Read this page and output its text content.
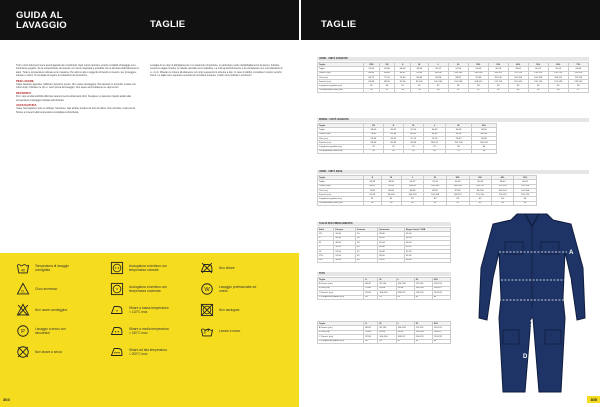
GUIDA AL
LAVAGGIO	TAGLIE

Tutti i nostri indumenti sono accompagnati da un'etichetta. Ogni marca riporta le proprie modalità di lavaggio ed è importante seguirle. Se la composizione del tessuto non viene rispettata è possibile che la struttura dell'indumento si alteri. Tutte le temperature indicate sono massime. Per alcuni capi è suggerito di lavarli a rovescio, per proteggere stampe e ricami. Si consiglia di seguire le indicazioni del produttore.

PER LAVARE

Usare lavatrice apposita. Utilizzare detersivo neutro. Non usare candeggina. Non lasciare in ammollo. Lavare con colori simili. Chiudere le zip e i velcri prima del lavaggio. Non usare ammorbidente su capi tecnici.

DETERSIVI

Per i capi ad alta visibilità utilizzare detersivi senza sbiancanti ottici. Scegliere un detersivo liquido adatto alla temperatura di lavaggio indicata sull'etichetta.

ASCIUGATURA

Usare l'asciugatrice solo se indicato. Stendere i capi all'aria, lontano da fonti di calore. Non strizzare i capi tecnici. Stirare a rovescio alla temperatura consigliata sull'etichetta.

La taglia di un capo di abbigliamento è un parametro importante, in particolare modo nell'abbigliamento da lavoro. Indicare sempre la taglia corretta. Le tabelle riportate sono indicative. La misura dell'indumento è da considerare con una tolleranza di +/- 2 cm. Rilevare le misure direttamente sul corpo seguendo lo schema a lato. In caso di dubbio consultare il nostro servizio clienti. Le taglie sono espresse secondo la normativa europea. I valori sono indicati in centimetri.

40
Temperatura di lavaggio consigliata
CL
Cloro ammesso
Non usare candeggina
P
Lavaggio a secco con idrocarburi
Non lavare a secco
Asciugatura a tamburo con temperatura normale
Asciugatura a tamburo con temperatura moderata
Stirare a bassa temperatura < 110°C max
Stirare a media temperatura < 150°C max
Stirare ad alta temperatura < 200°C max
Non stirare
W
Lavaggio professionale ad umido
Non asciugare
Lavare a mano
304
TAGLIE
UOMO - UNITÀ AVANZATE
Taglia	XXS	XS	S	M	L	XL	XXL	3XL	4XL	5XL	6XL	7XL
Taglia	42-44	44-46	46-48	48-50	50-52	52-54	54-56	56-58	58-60	60-62	62-64	64-66
Torace (cm)	80-84	84-88	88-92	92-96	96-100	100-104	104-108	108-112	112-116	116-120	120-124	124-128
Vita (cm)	68-72	72-76	76-80	80-84	84-88	88-92	92-96	96-100	100-104	104-108	108-112	112-116
Fianchi (cm)	84-88	88-92	92-96	96-100	100-104	104-108	108-112	112-116	116-120	120-124	124-128	128-132
Lunghezza gamba (cm)	80	80	81	81	82	82	83	83	84	84	85	85
Circonferenza collo (cm)	36	37	38	39	40	41	42	43	44	45	46	47
DONNA - UNITÀ AVANZATE
Taglia	XS	S	M	L	XL	XXL
Taglia	38-40	40-42	42-44	44-46	46-48	48-50
Torace (cm)	78-82	82-86	86-90	90-94	94-98	98-102
Vita (cm)	62-66	66-70	70-74	74-78	78-82	82-86
Fianchi (cm)	86-90	90-94	94-98	98-102	102-106	106-110
Lunghezza gamba (cm)	78	78	79	79	80	80
Circonferenza collo (cm)	33	34	35	36	37	38
UOMO - UNITÀ BASE
Taglia	S	M	L	XL	XXL	3XL	4XL	5XL
Taglia	46-48	48-50	50-52	52-54	54-56	56-58	58-60	60-62
Torace (cm)	88-92	92-96	96-100	100-104	104-108	108-112	112-116	116-120
Vita (cm)	76-80	80-84	84-88	88-92	92-96	96-100	100-104	104-108
Fianchi (cm)	92-96	96-100	100-104	104-108	108-112	112-116	116-120	120-124
Lunghezza gamba (cm)	81	81	82	82	83	83	84	84
Circonferenza collo (cm)	38	39	40	41	42	43	44	45
TAGLIE PER ABBIGLIAMENTO
Italia	Europa	Francia	Germania	Regno Unito / USA
XS	44-46	34	38-40	34-36
S	46-48	36	40-42	36-38
M	48-50	38	42-44	38-40
L	50-52	40	44-46	40-42
XL	52-54	42	46-48	42-44
XXL	54-56	44	48-50	44-46
3XL	56-58	46	50-52	46-48
TUTE
Taglia	S	M	L	XL	XXL
A Torace (cm)	88-92	96-100	104-108	112-116	120-124
B Vita (cm)	76-80	84-88	92-96	100-104	108-112
C Fianchi (cm)	92-96	100-104	108-112	116-120	124-128
D Lunghezza gamba (cm)	80	81	82	83	84
Taglia	S	M	L	XL	XXL
A Torace (cm)	88-92	96-100	104-108	112-116	120-124
B Vita (cm)	76-80	84-88	92-96	100-104	108-112
C Fianchi (cm)	92-96	100-104	108-112	116-120	124-128
D Lunghezza gamba (cm)	80	81	82	83	84
A
B
C
D
305
